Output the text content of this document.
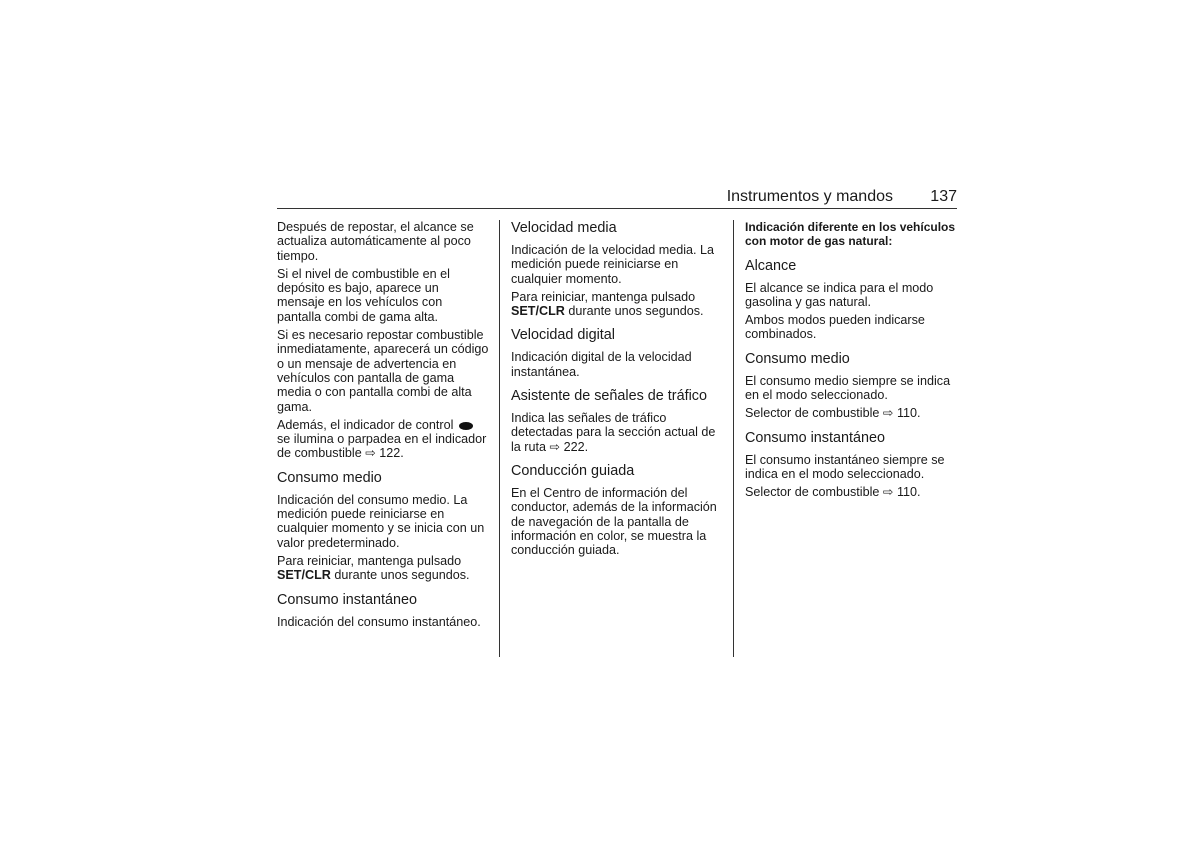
Instrumentos y mandos 137

Después de repostar, el alcance se actualiza automáticamente al poco tiempo.

Si el nivel de combustible en el depósito es bajo, aparece un mensaje en los vehículos con pantalla combi de gama alta.

Si es necesario repostar combustible inmediatamente, aparecerá un código o un mensaje de advertencia en vehículos con pantalla de gama media o con pantalla combi de alta gama.

Además, el indicador de control  se ilumina o parpadea en el indicador de combustible ⇨ 122.

Consumo medio

Indicación del consumo medio. La medición puede reiniciarse en cualquier momento y se inicia con un valor predeterminado.

Para reiniciar, mantenga pulsado SET/CLR durante unos segundos.

Consumo instantáneo

Indicación del consumo instantáneo.

Velocidad media

Indicación de la velocidad media. La medición puede reiniciarse en cualquier momento.

Para reiniciar, mantenga pulsado SET/CLR durante unos segundos.

Velocidad digital

Indicación digital de la velocidad instantánea.

Asistente de señales de tráfico

Indica las señales de tráfico detectadas para la sección actual de la ruta ⇨ 222.

Conducción guiada

En el Centro de información del conductor, además de la información de navegación de la pantalla de información en color, se muestra la conducción guiada.

Indicación diferente en los vehículos con motor de gas natural:

Alcance

El alcance se indica para el modo gasolina y gas natural.

Ambos modos pueden indicarse combinados.

Consumo medio

El consumo medio siempre se indica en el modo seleccionado.

Selector de combustible ⇨ 110.

Consumo instantáneo

El consumo instantáneo siempre se indica en el modo seleccionado.

Selector de combustible ⇨ 110.
